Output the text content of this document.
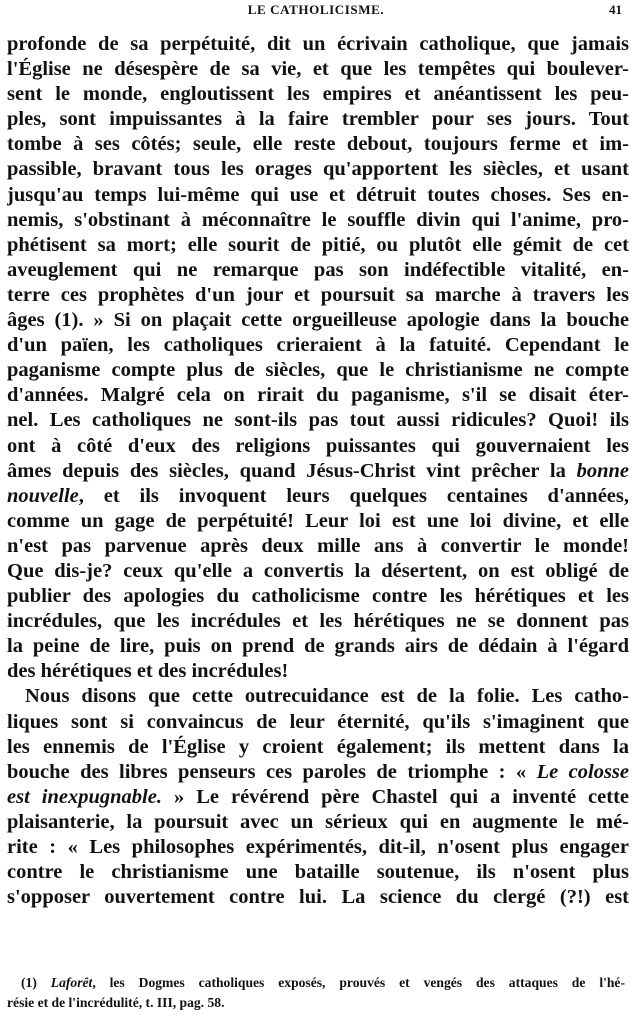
LE CATHOLICISME.	41
profonde de sa perpétuité, dit un écrivain catholique, que jamais
l'Église ne désespère de sa vie, et que les tempêtes qui boulever-
sent le monde, engloutissent les empires et anéantissent les peu-
ples, sont impuissantes à la faire trembler pour ses jours. Tout
tombe à ses côtés; seule, elle reste debout, toujours ferme et im-
passible, bravant tous les orages qu'apportent les siècles, et usant
jusqu'au temps lui-même qui use et détruit toutes choses. Ses en-
nemis, s'obstinant à méconnaître le souffle divin qui l'anime, pro-
phétisent sa mort; elle sourit de pitié, ou plutôt elle gémit de cet
aveuglement qui ne remarque pas son indéfectible vitalité, en-
terre ces prophètes d'un jour et poursuit sa marche à travers les
âges (1). » Si on plaçait cette orgueilleuse apologie dans la bouche
d'un païen, les catholiques crieraient à la fatuité. Cependant le
paganisme compte plus de siècles, que le christianisme ne compte
d'années. Malgré cela on rirait du paganisme, s'il se disait éter-
nel. Les catholiques ne sont-ils pas tout aussi ridicules? Quoi! ils
ont à côté d'eux des religions puissantes qui gouvernaient les
âmes depuis des siècles, quand Jésus-Christ vint prêcher la bonne
nouvelle, et ils invoquent leurs quelques centaines d'années,
comme un gage de perpétuité! Leur loi est une loi divine, et elle
n'est pas parvenue après deux mille ans à convertir le monde!
Que dis-je? ceux qu'elle a convertis la désertent, on est obligé de
publier des apologies du catholicisme contre les hérétiques et les
incrédules, que les incrédules et les hérétiques ne se donnent pas
la peine de lire, puis on prend de grands airs de dédain à l'égard
des hérétiques et des incrédules!
Nous disons que cette outrecuidance est de la folie. Les catho-
liques sont si convaincus de leur éternité, qu'ils s'imaginent que
les ennemis de l'Église y croient également; ils mettent dans la
bouche des libres penseurs ces paroles de triomphe : « Le colosse
est inexpugnable. » Le révérend père Chastel qui a inventé cette
plaisanterie, la poursuit avec un sérieux qui en augmente le mé-
rite : « Les philosophes expérimentés, dit-il, n'osent plus engager
contre le christianisme une bataille soutenue, ils n'osent plus
s'opposer ouvertement contre lui. La science du clergé (?!) est
(1) Laforêt, les Dogmes catholiques exposés, prouvés et vengés des attaques de l'hé-
résie et de l'incrédulité, t. III, pag. 58.
